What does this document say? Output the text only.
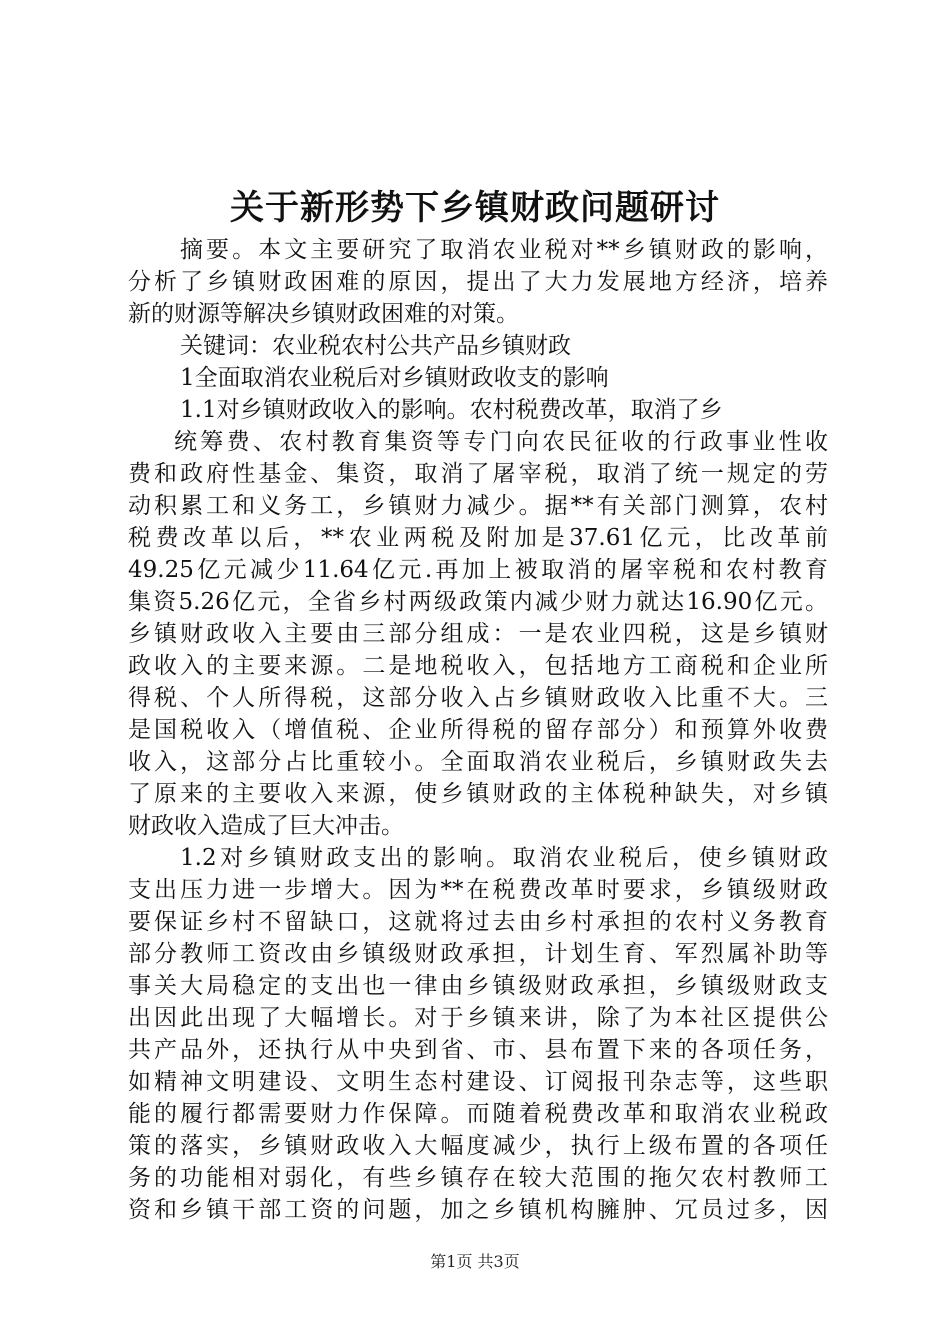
关于新形势下乡镇财政问题研讨
摘要。本文主要研究了取消农业税对**乡镇财政的影响，
分析了乡镇财政困难的原因，提出了大力发展地方经济，培养
新的财源等解决乡镇财政困难的对策。
关键词：农业税农村公共产品乡镇财政
1全面取消农业税后对乡镇财政收支的影响
1.1对乡镇财政收入的影响。农村税费改革，取消了乡
统筹费、农村教育集资等专门向农民征收的行政事业性收
费和政府性基金、集资，取消了屠宰税，取消了统一规定的劳
动积累工和义务工，乡镇财力减少。据**有关部门测算，农村
税费改革以后，**农业两税及附加是37.61亿元，比改革前
49.25亿元减少11.64亿元.再加上被取消的屠宰税和农村教育
集资5.26亿元，全省乡村两级政策内减少财力就达16.90亿元。
乡镇财政收入主要由三部分组成：一是农业四税，这是乡镇财
政收入的主要来源。二是地税收入，包括地方工商税和企业所
得税、个人所得税，这部分收入占乡镇财政收入比重不大。三
是国税收入（增值税、企业所得税的留存部分）和预算外收费
收入，这部分占比重较小。全面取消农业税后，乡镇财政失去
了原来的主要收入来源，使乡镇财政的主体税种缺失，对乡镇
财政收入造成了巨大冲击。
1.2对乡镇财政支出的影响。取消农业税后，使乡镇财政
支出压力进一步增大。因为**在税费改革时要求，乡镇级财政
要保证乡村不留缺口，这就将过去由乡村承担的农村义务教育
部分教师工资改由乡镇级财政承担，计划生育、军烈属补助等
事关大局稳定的支出也一律由乡镇级财政承担，乡镇级财政支
出因此出现了大幅增长。对于乡镇来讲，除了为本社区提供公
共产品外，还执行从中央到省、市、县布置下来的各项任务，
如精神文明建设、文明生态村建设、订阅报刊杂志等，这些职
能的履行都需要财力作保障。而随着税费改革和取消农业税政
策的落实，乡镇财政收入大幅度减少，执行上级布置的各项任
务的功能相对弱化，有些乡镇存在较大范围的拖欠农村教师工
资和乡镇干部工资的问题，加之乡镇机构臃肿、冗员过多，因
第1页 共3页
